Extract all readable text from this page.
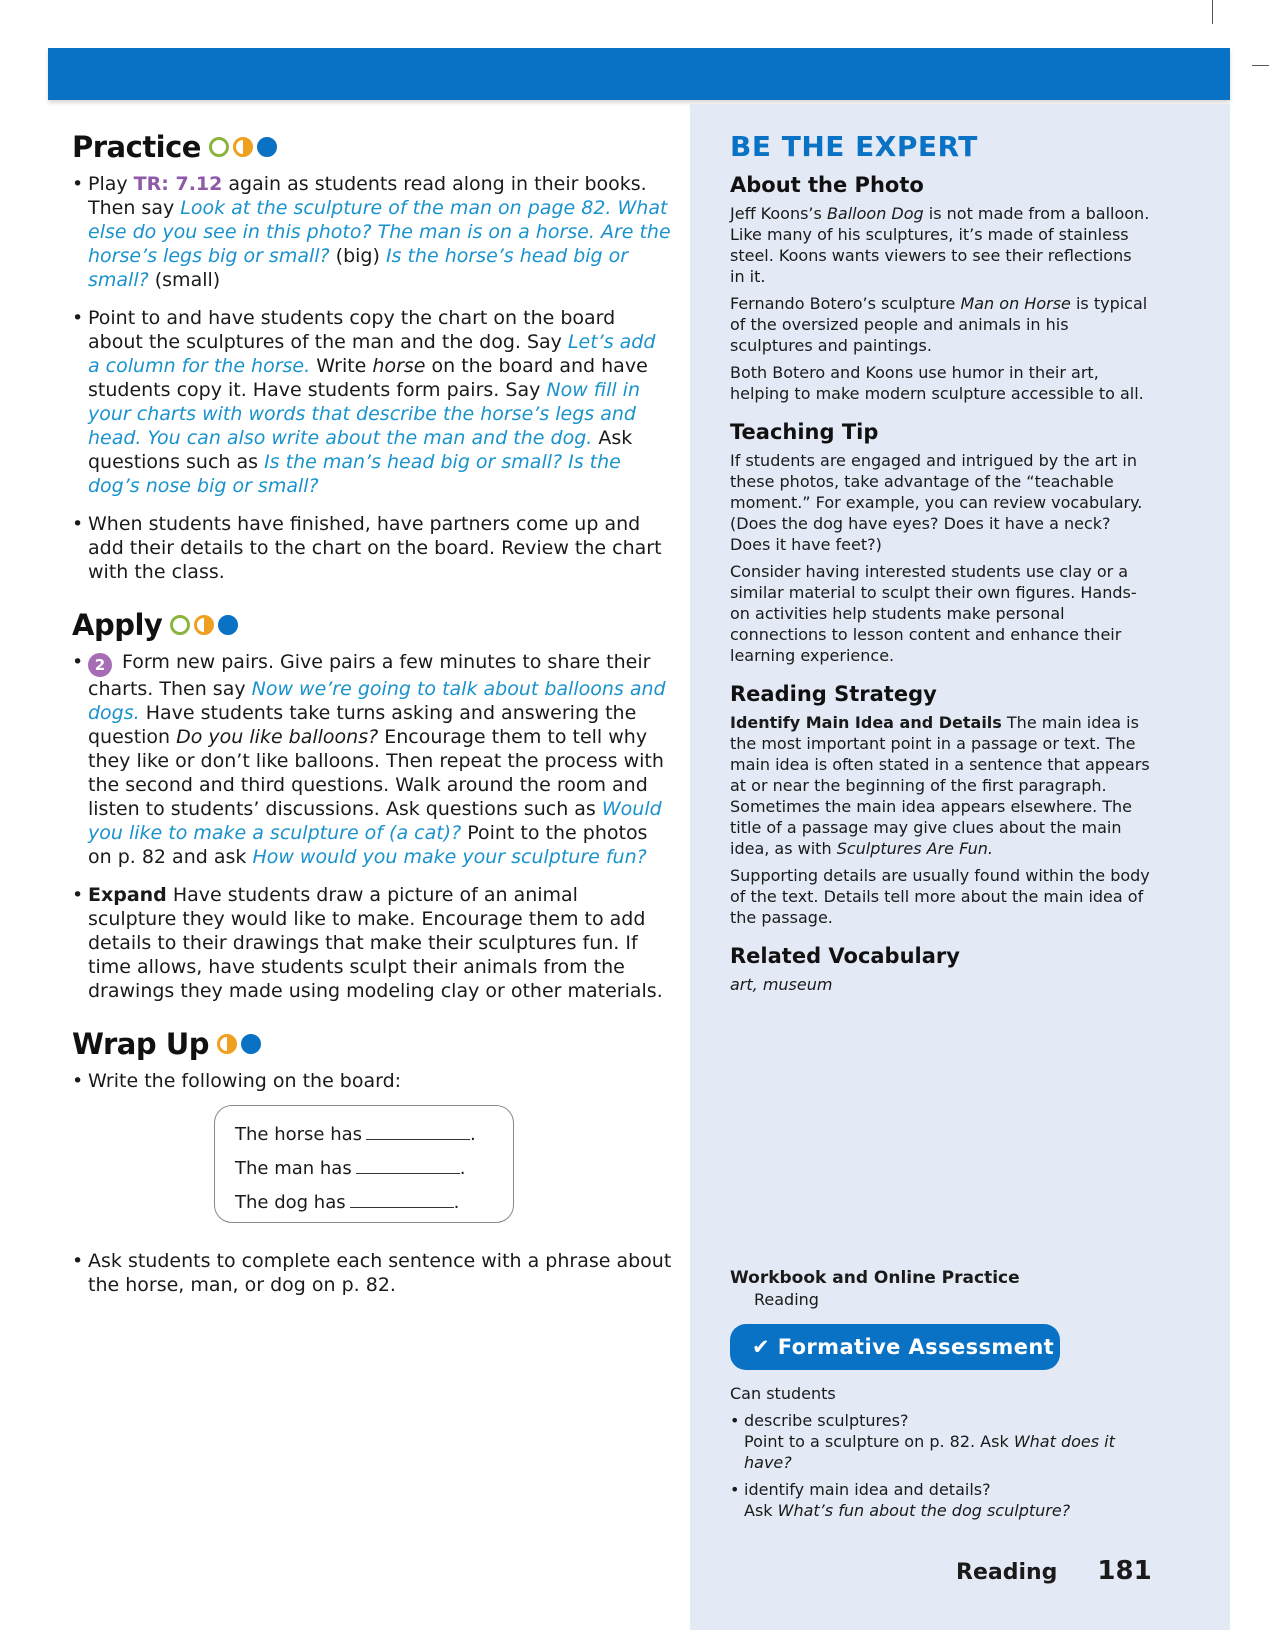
Practice
• Play TR: 7.12 again as students read along in their books. Then say Look at the sculpture of the man on page 82. What else do you see in this photo? The man is on a horse. Are the horse’s legs big or small? (big) Is the horse’s head big or small? (small)
• Point to and have students copy the chart on the board about the sculptures of the man and the dog. Say Let’s add a column for the horse. Write horse on the board and have students copy it. Have students form pairs. Say Now fill in your charts with words that describe the horse’s legs and head. You can also write about the man and the dog. Ask questions such as Is the man’s head big or small? Is the dog’s nose big or small?
• When students have finished, have partners come up and add their details to the chart on the board. Review the chart with the class.
Apply
• 2 Form new pairs. Give pairs a few minutes to share their charts. Then say Now we’re going to talk about balloons and dogs. Have students take turns asking and answering the question Do you like balloons? Encourage them to tell why they like or don’t like balloons. Then repeat the process with the second and third questions. Walk around the room and listen to students’ discussions. Ask questions such as Would you like to make a sculpture of (a cat)? Point to the photos on p. 82 and ask How would you make your sculpture fun?
• Expand Have students draw a picture of an animal sculpture they would like to make. Encourage them to add details to their drawings that make their sculptures fun. If time allows, have students sculpt their animals from the drawings they made using modeling clay or other materials.
Wrap Up
• Write the following on the board:
The horse has	.
The man has	.
The dog has	.
• Ask students to complete each sentence with a phrase about the horse, man, or dog on p. 82.
BE THE EXPERT
About the Photo

Jeff Koons’s Balloon Dog is not made from a balloon. Like many of his sculptures, it’s made of stainless steel. Koons wants viewers to see their reflections in it.

Fernando Botero’s sculpture Man on Horse is typical of the oversized people and animals in his sculptures and paintings.

Both Botero and Koons use humor in their art, helping to make modern sculpture accessible to all.

Teaching Tip

If students are engaged and intrigued by the art in these photos, take advantage of the “teachable moment.” For example, you can review vocabulary. (Does the dog have eyes? Does it have a neck? Does it have feet?)

Consider having interested students use clay or a similar material to sculpt their own figures. Hands-on activities help students make personal connections to lesson content and enhance their learning experience.

Reading Strategy

Identify Main Idea and Details The main idea is the most important point in a passage or text. The main idea is often stated in a sentence that appears at or near the beginning of the first paragraph. Sometimes the main idea appears elsewhere. The title of a passage may give clues about the main idea, as with Sculptures Are Fun.

Supporting details are usually found within the body of the text. Details tell more about the main idea of the passage.

Related Vocabulary

art, museum

Workbook and Online Practice
Reading
✔ Formative Assessment
Can students
• describe sculptures?
Point to a sculpture on p. 82. Ask What does it have?
• identify main idea and details?
Ask What’s fun about the dog sculpture?
Reading 181
